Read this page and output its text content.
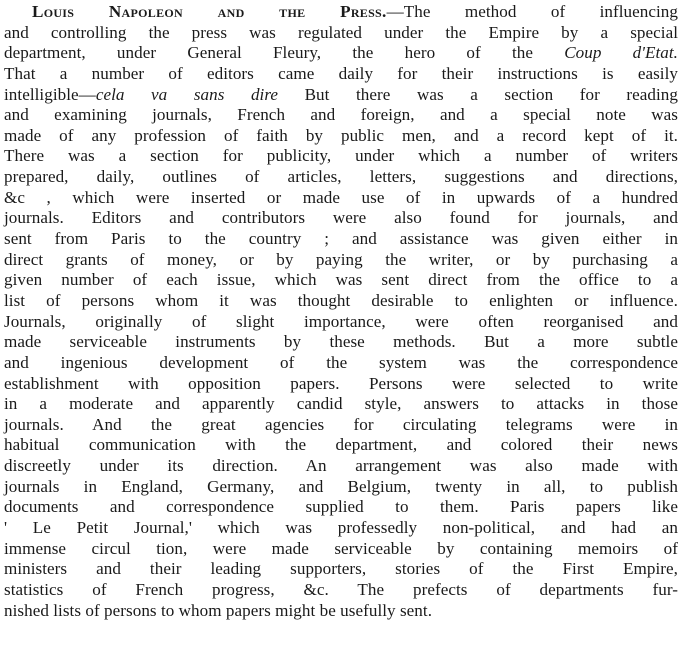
Louis Napoleon and the Press.—The method of influencing
and controlling the press was regulated under the Empire by a special
department, under General Fleury, the hero of the Coup d'Etat.
That a number of editors came daily for their instructions is easily
intelligible—cela va sans dire But there was a section for reading
and examining journals, French and foreign, and a special note was
made of any profession of faith by public men, and a record kept of it.
There was a section for publicity, under which a number of writers
prepared, daily, outlines of articles, letters, suggestions and directions,
&c , which were inserted or made use of in upwards of a hundred
journals. Editors and contributors were also found for journals, and
sent from Paris to the country ; and assistance was given either in
direct grants of money, or by paying the writer, or by purchasing a
given number of each issue, which was sent direct from the office to a
list of persons whom it was thought desirable to enlighten or influence.
Journals, originally of slight importance, were often reorganised and
made serviceable instruments by these methods. But a more subtle
and ingenious development of the system was the correspondence
establishment with opposition papers. Persons were selected to write
in a moderate and apparently candid style, answers to attacks in those
journals. And the great agencies for circulating telegrams were in
habitual communication with the department, and colored their news
discreetly under its direction. An arrangement was also made with
journals in England, Germany, and Belgium, twenty in all, to publish
documents and correspondence supplied to them. Paris papers like
' Le Petit Journal,' which was professedly non-political, and had an
immense circul tion, were made serviceable by containing memoirs of
ministers and their leading supporters, stories of the First Empire,
statistics of French progress, &c. The prefects of departments fur-
nished lists of persons to whom papers might be usefully sent.
